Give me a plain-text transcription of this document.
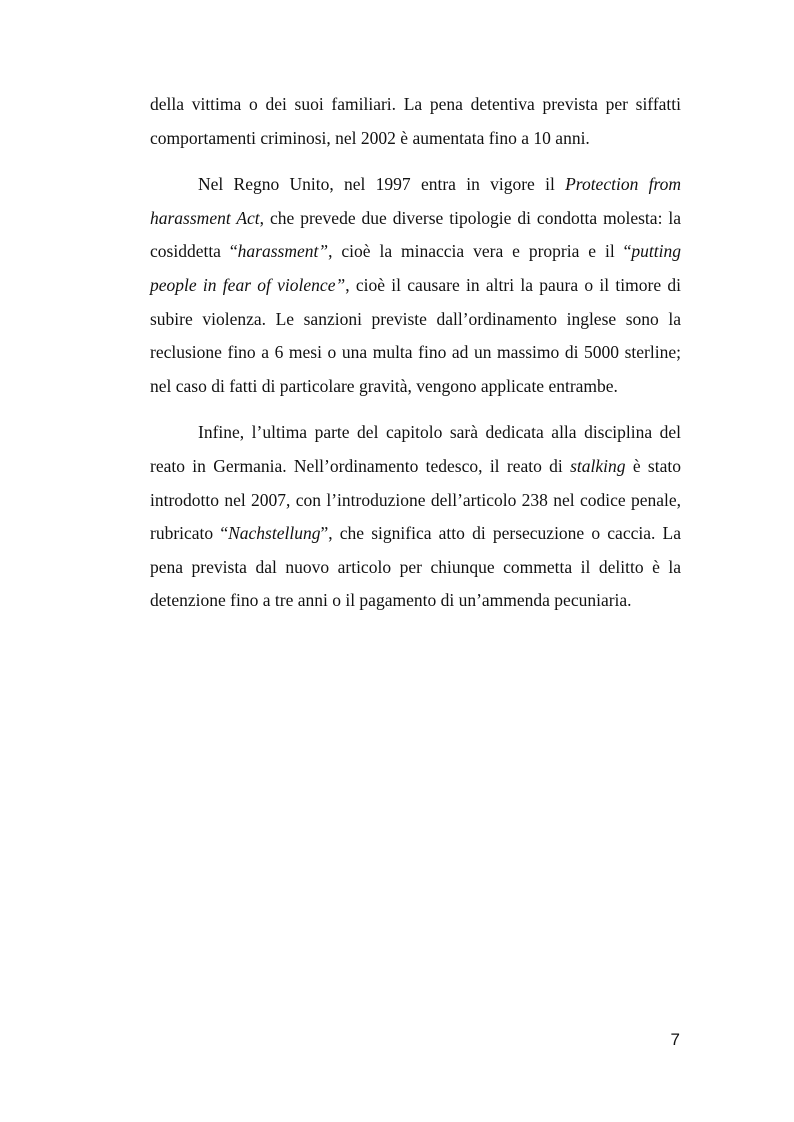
della vittima o dei suoi familiari. La pena detentiva prevista per siffatti comportamenti criminosi, nel 2002 è aumentata fino a 10 anni.

Nel Regno Unito, nel 1997 entra in vigore il Protection from harassment Act, che prevede due diverse tipologie di condotta molesta: la cosiddetta “harassment”, cioè la minaccia vera e propria e il “putting people in fear of violence”, cioè il causare in altri la paura o il timore di subire violenza. Le sanzioni previste dall’ordinamento inglese sono la reclusione fino a 6 mesi o una multa fino ad un massimo di 5000 sterline; nel caso di fatti di particolare gravità, vengono applicate entrambe.

Infine, l’ultima parte del capitolo sarà dedicata alla disciplina del reato in Germania. Nell’ordinamento tedesco, il reato di stalking è stato introdotto nel 2007, con l’introduzione dell’articolo 238 nel codice penale, rubricato “Nachstellung”, che significa atto di persecuzione o caccia. La pena prevista dal nuovo articolo per chiunque commetta il delitto è la detenzione fino a tre anni o il pagamento di un’ammenda pecuniaria.

7
